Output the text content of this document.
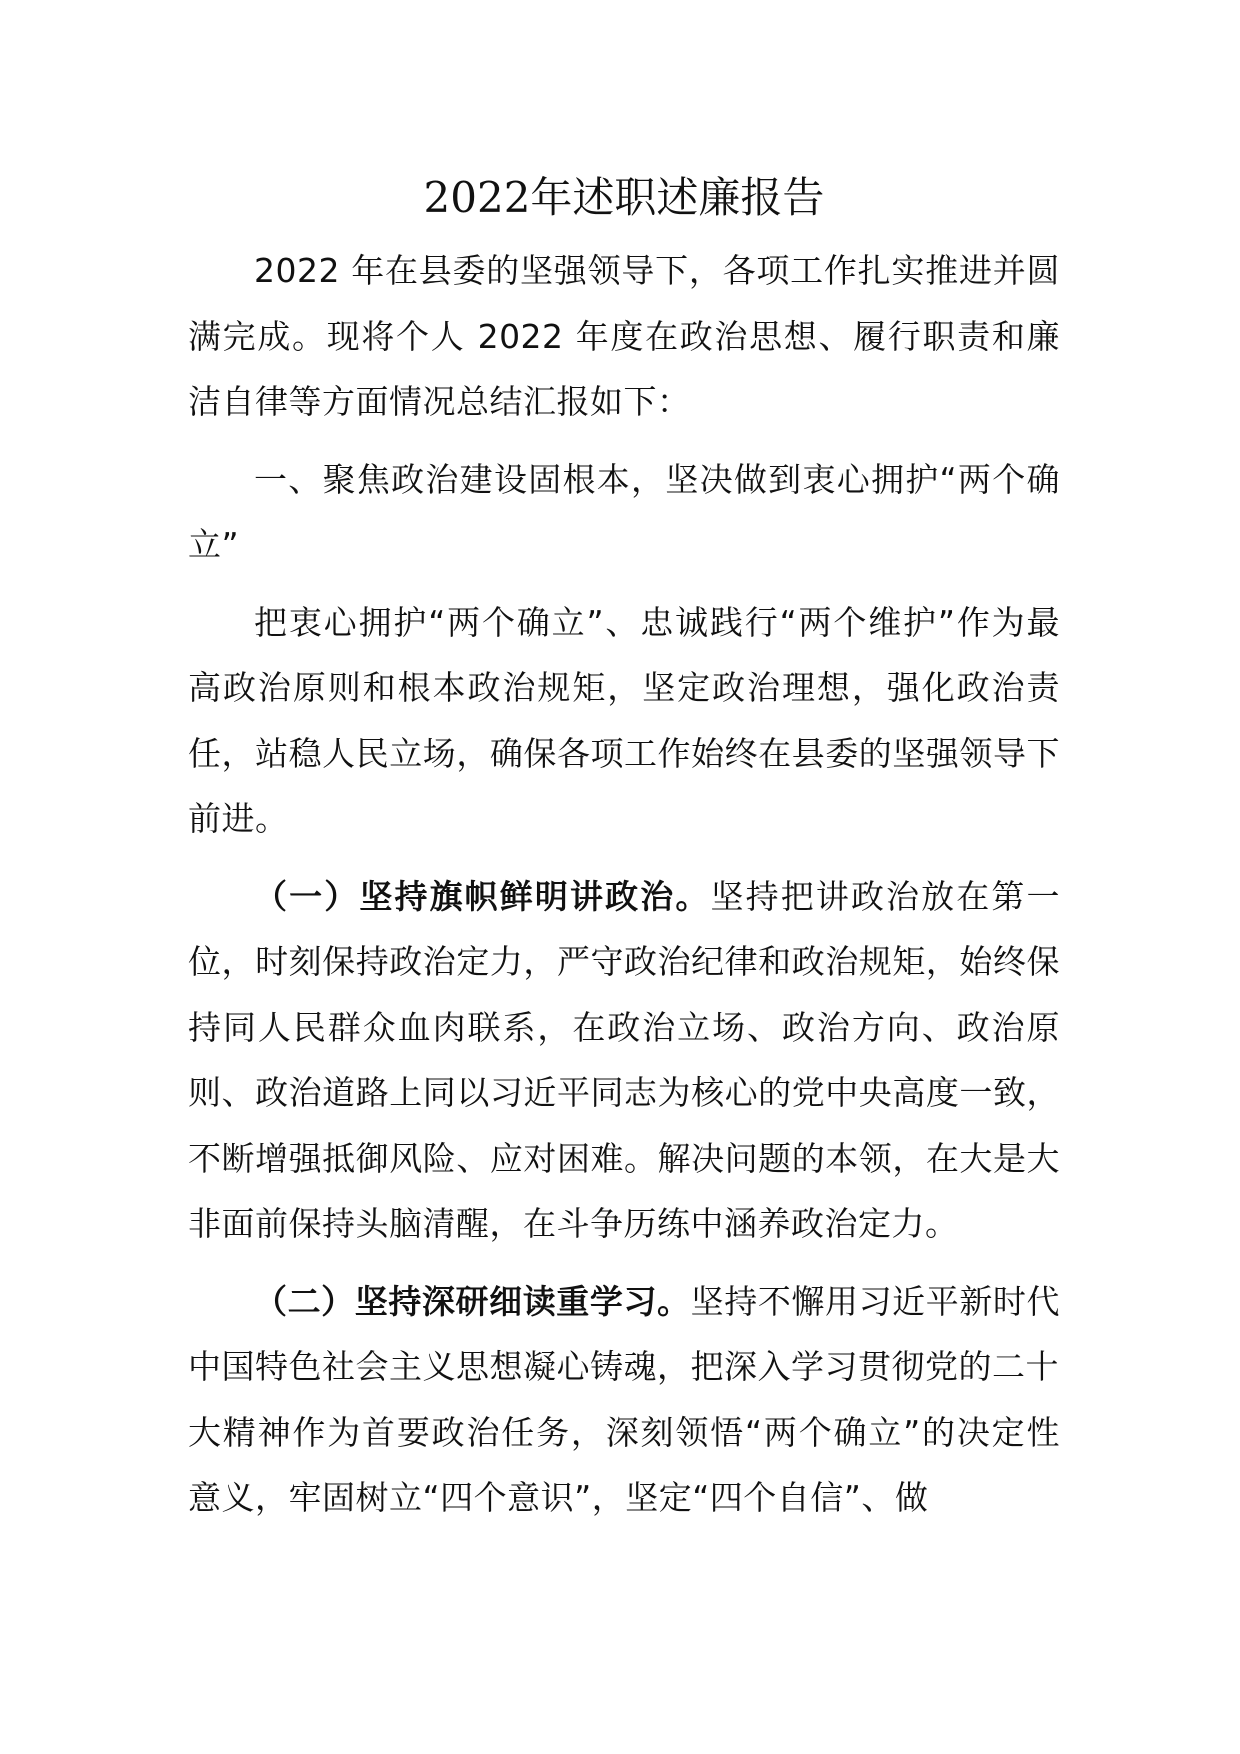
2022年述职述廉报告

2022 年在县委的坚强领导下，各项工作扎实推进并圆满完成。现将个人 2022 年度在政治思想、履行职责和廉洁自律等方面情况总结汇报如下：

一、聚焦政治建设固根本，坚决做到衷心拥护“两个确立”

把衷心拥护“两个确立”、忠诚践行“两个维护”作为最高政治原则和根本政治规矩，坚定政治理想，强化政治责任，站稳人民立场，确保各项工作始终在县委的坚强领导下前进。

（一）坚持旗帜鲜明讲政治。坚持把讲政治放在第一位，时刻保持政治定力，严守政治纪律和政治规矩，始终保持同人民群众血肉联系，在政治立场、政治方向、政治原则、政治道路上同以习近平同志为核心的党中央高度一致，不断增强抵御风险、应对困难。解决问题的本领，在大是大非面前保持头脑清醒，在斗争历练中涵养政治定力。

（二）坚持深研细读重学习。坚持不懈用习近平新时代中国特色社会主义思想凝心铸魂，把深入学习贯彻党的二十

大精神作为首要政治任务，深刻领悟“两个确立”的决定性意义，牢固树立“四个意识”，坚定“四个自信”、做
